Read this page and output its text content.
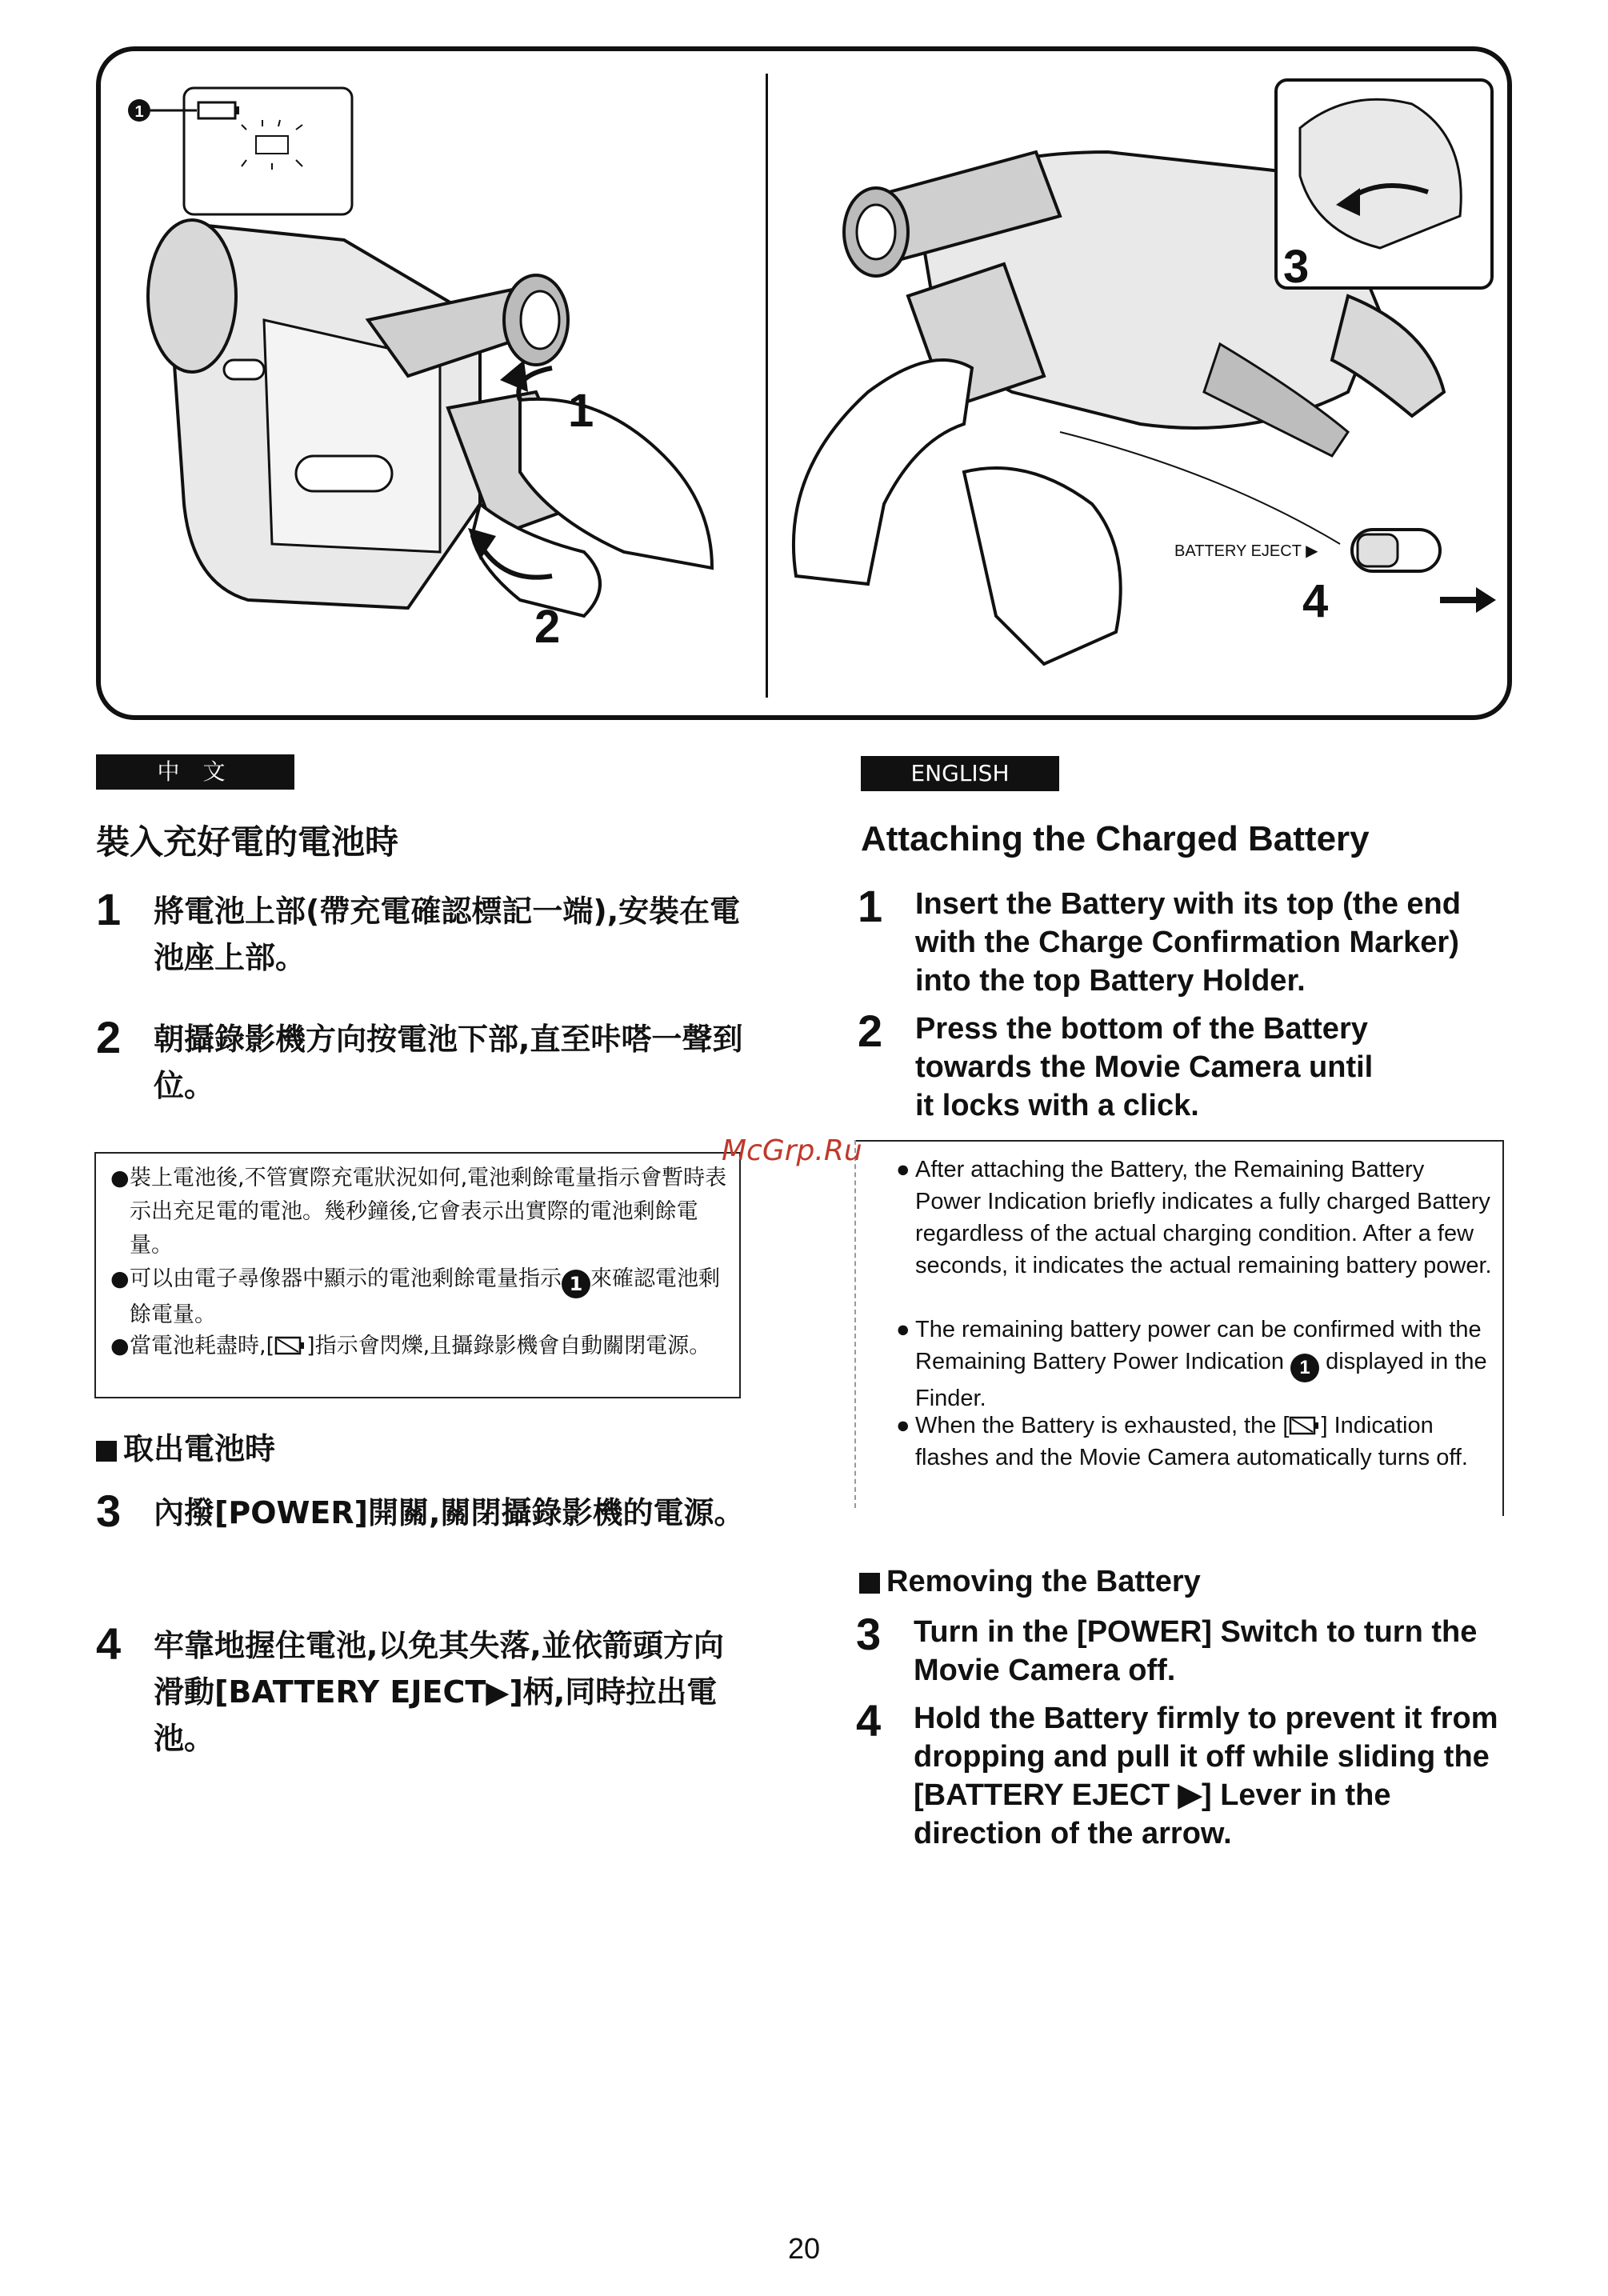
1
1
2
BATTERY EJECT ▶
3
4
中 文
裝入充好電的電池時
1 將電池上部(帶充電確認標記一端),安裝在電池座上部。
2 朝攝錄影機方向按電池下部,直至咔嗒一聲到位。
● 裝上電池後,不管實際充電狀況如何,電池剩餘電量指示會暫時表示出充足電的電池。幾秒鐘後,它會表示出實際的電池剩餘電量。
● 可以由電子尋像器中顯示的電池剩餘電量指示 1 來確認電池剩餘電量。
● 當電池耗盡時,[ ]指示會閃爍,且攝錄影機會自動關閉電源。
取出電池時
3 內撥[POWER]開關,關閉攝錄影機的電源。
4 牢靠地握住電池,以免其失落,並依箭頭方向滑動[BATTERY EJECT▶]柄,同時拉出電池。
ENGLISH
Attaching the Charged Battery
1 Insert the Battery with its top (the end with the Charge Confirmation Marker) into the top Battery Holder.
2 Press the bottom of the Battery towards the Movie Camera until it locks with a click.
● After attaching the Battery, the Remaining Battery Power Indication briefly indicates a fully charged Battery regardless of the actual charging condition. After a few seconds, it indicates the actual remaining battery power.
● The remaining battery power can be confirmed with the Remaining Battery Power Indication 1 displayed in the Finder.
● When the Battery is exhausted, the [ ] Indication flashes and the Movie Camera automatically turns off.
Removing the Battery
3 Turn in the [POWER] Switch to turn the Movie Camera off.
4 Hold the Battery firmly to prevent it from dropping and pull it off while sliding the [BATTERY EJECT ▶] Lever in the direction of the arrow.
McGrp.Ru
20
